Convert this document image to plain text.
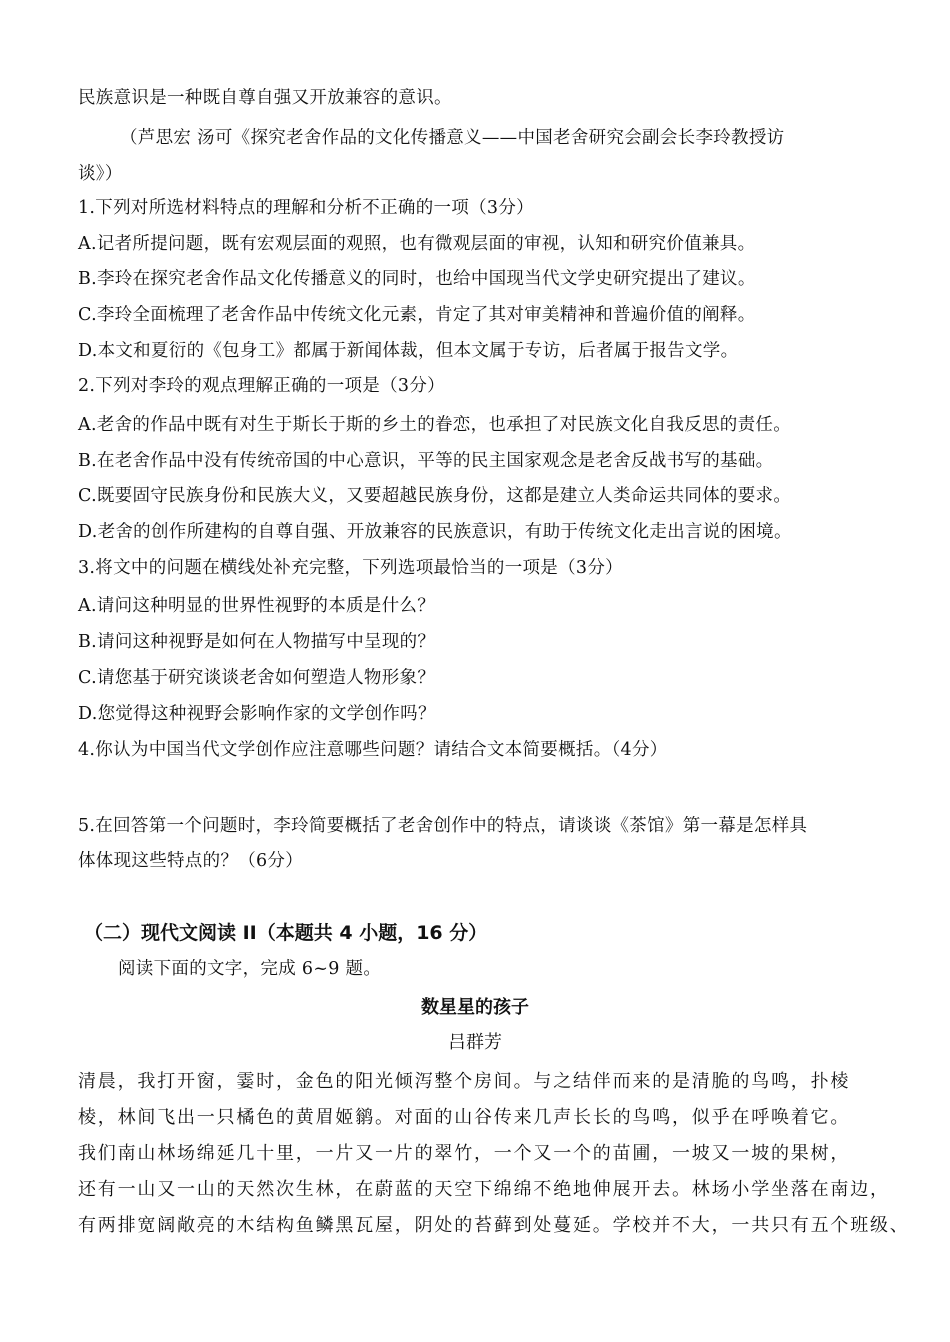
民族意识是一种既自尊自强又开放兼容的意识。
（芦思宏 汤可《探究老舍作品的文化传播意义——中国老舍研究会副会长李玲教授访
谈》）
1.下列对所选材料特点的理解和分析不正确的一项（3分）
A.记者所提问题，既有宏观层面的观照，也有微观层面的审视，认知和研究价值兼具。
B.李玲在探究老舍作品文化传播意义的同时，也给中国现当代文学史研究提出了建议。
C.李玲全面梳理了老舍作品中传统文化元素，肯定了其对审美精神和普遍价值的阐释。
D.本文和夏衍的《包身工》都属于新闻体裁，但本文属于专访，后者属于报告文学。
2.下列对李玲的观点理解正确的一项是（3分）
A.老舍的作品中既有对生于斯长于斯的乡土的眷恋，也承担了对民族文化自我反思的责任。
B.在老舍作品中没有传统帝国的中心意识，平等的民主国家观念是老舍反战书写的基础。
C.既要固守民族身份和民族大义，又要超越民族身份，这都是建立人类命运共同体的要求。
D.老舍的创作所建构的自尊自强、开放兼容的民族意识，有助于传统文化走出言说的困境。
3.将文中的问题在横线处补充完整，下列选项最恰当的一项是（3分）
A.请问这种明显的世界性视野的本质是什么？
B.请问这种视野是如何在人物描写中呈现的？
C.请您基于研究谈谈老舍如何塑造人物形象？
D.您觉得这种视野会影响作家的文学创作吗？
4.你认为中国当代文学创作应注意哪些问题？请结合文本简要概括。（4分）
5.在回答第一个问题时，李玲简要概括了老舍创作中的特点，请谈谈《茶馆》第一幕是怎样具
体体现这些特点的？（6分）
（二）现代文阅读 II（本题共 4 小题，16 分）
阅读下面的文字，完成 6~9 题。
数星星的孩子
吕群芳
清晨，我打开窗，霎时，金色的阳光倾泻整个房间。与之结伴而来的是清脆的鸟鸣，扑棱
棱，林间飞出一只橘色的黄眉姬鹟。对面的山谷传来几声长长的鸟鸣，似乎在呼唤着它。
我们南山林场绵延几十里，一片又一片的翠竹，一个又一个的苗圃，一坡又一坡的果树，
还有一山又一山的天然次生林，在蔚蓝的天空下绵绵不绝地伸展开去。林场小学坐落在南边，
有两排宽阔敞亮的木结构鱼鳞黑瓦屋，阴处的苔藓到处蔓延。学校并不大，一共只有五个班级、
